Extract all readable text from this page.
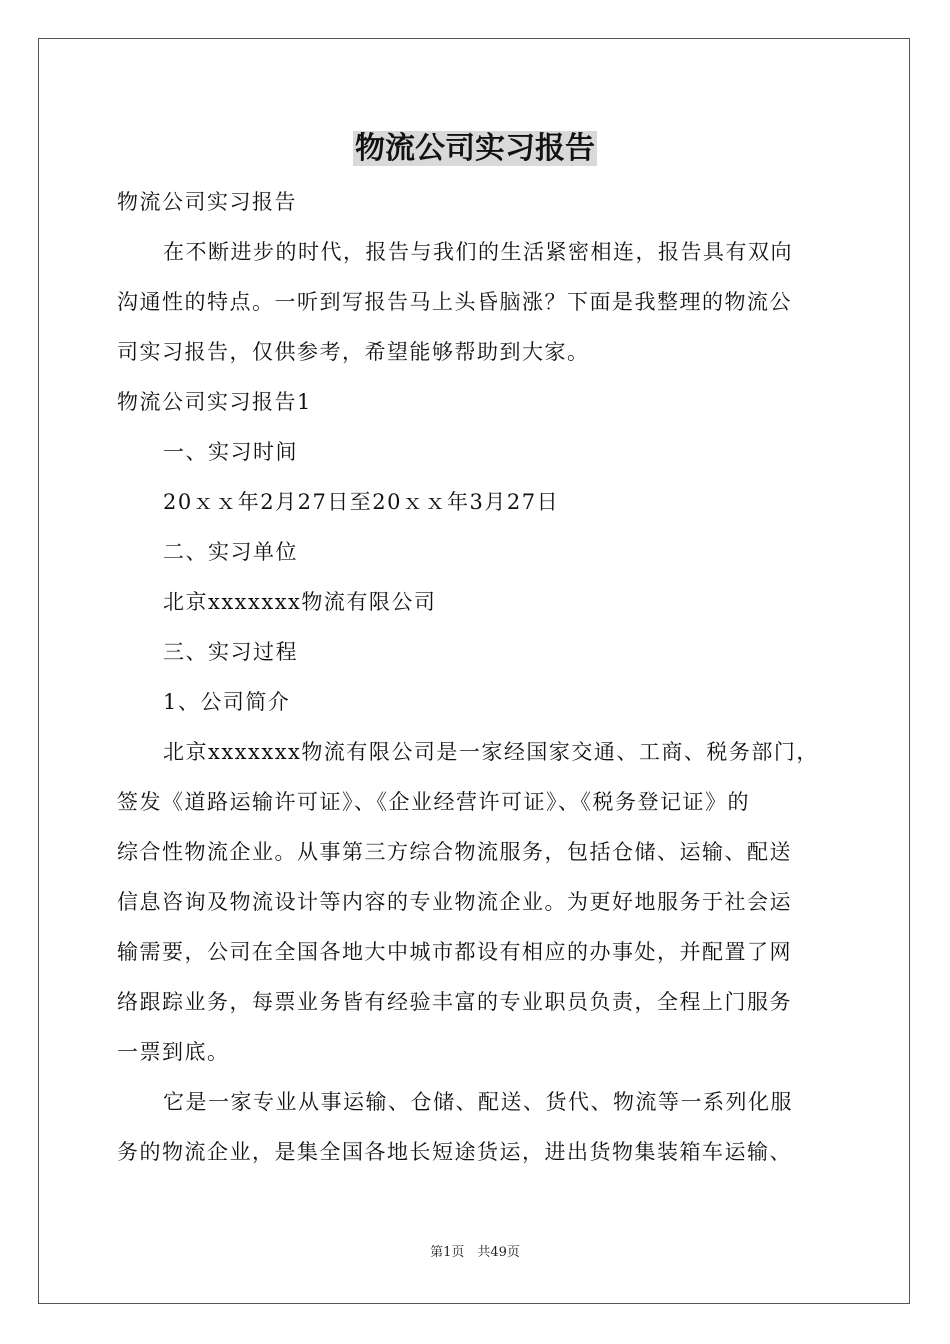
物流公司实习报告

物流公司实习报告

在不断进步的时代，报告与我们的生活紧密相连，报告具有双向

沟通性的特点。一听到写报告马上头昏脑涨？下面是我整理的物流公

司实习报告，仅供参考，希望能够帮助到大家。

物流公司实习报告1

一、实习时间

20ｘｘ年2月27日至20ｘｘ年3月27日

二、实习单位

北京xxxxxxx物流有限公司

三、实习过程

1、公司简介

北京xxxxxxx物流有限公司是一家经国家交通、工商、税务部门，

签发《道路运输许可证》、《企业经营许可证》、《税务登记证》的

综合性物流企业。从事第三方综合物流服务，包括仓储、运输、配送

信息咨询及物流设计等内容的专业物流企业。为更好地服务于社会运

输需要，公司在全国各地大中城市都设有相应的办事处，并配置了网

络跟踪业务，每票业务皆有经验丰富的专业职员负责，全程上门服务

一票到底。

它是一家专业从事运输、仓储、配送、货代、物流等一系列化服

务的物流企业，是集全国各地长短途货运，进出货物集装箱车运输、

第1页　共49页
